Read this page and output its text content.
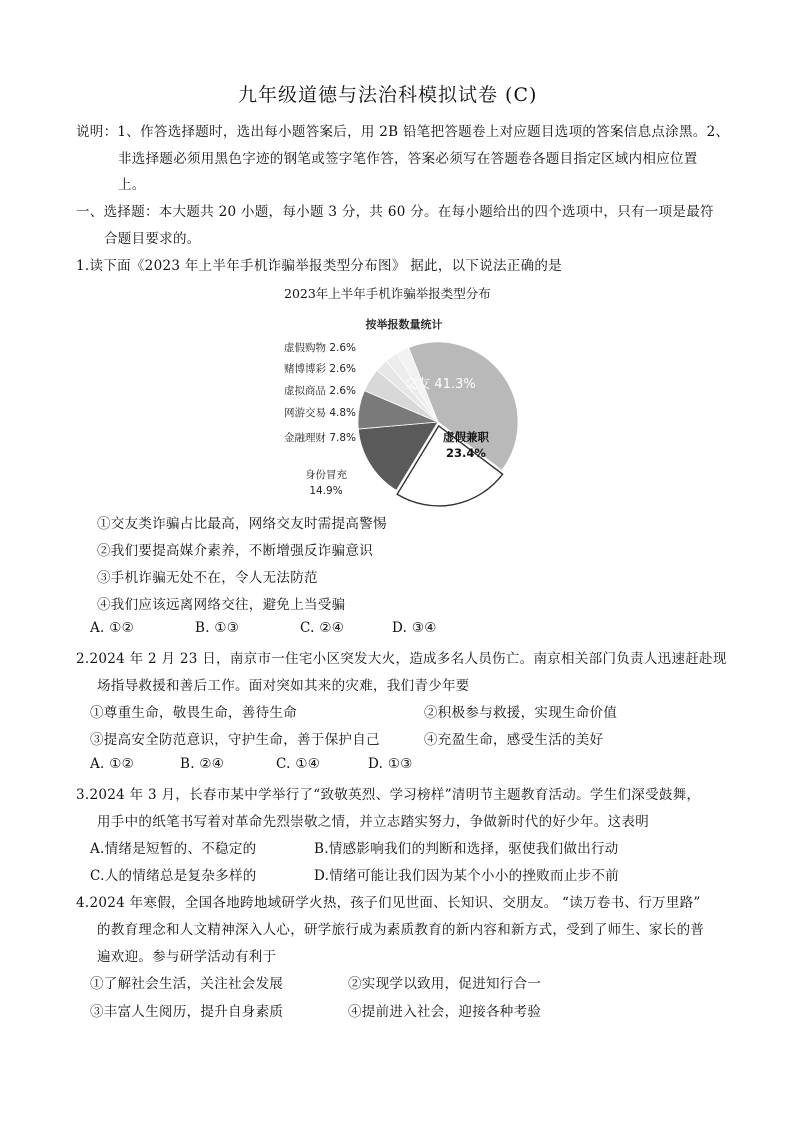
九年级道德与法治科模拟试卷 (C)
说明：1、作答选择题时，选出每小题答案后，用 2B 铅笔把答题卷上对应题目选项的答案信息点涂黑。2、
非选择题必须用黑色字迹的钢笔或签字笔作答，答案必须写在答题卷各题目指定区域内相应位置
上。
一、选择题：本大题共 20 小题，每小题 3 分，共 60 分。在每小题给出的四个选项中，只有一项是最符
合题目要求的。
1.读下面《2023 年上半年手机诈骗举报类型分布图》 据此，以下说法正确的是
2023年上半年手机诈骗举报类型分布
按举报数量统计
交友 41.3%
虚假兼职
23.4%
身份冒充
14.9%
金融理财 7.8%
网游交易 4.8%
虚拟商品 2.6%
赌博博彩 2.6%
虚假购物 2.6%
①交友类诈骗占比最高，网络交友时需提高警惕
②我们要提高媒介素养，不断增强反诈骗意识
③手机诈骗无处不在，令人无法防范
④我们应该远离网络交往，避免上当受骗
A. ①②	B. ①③	C. ②④	D. ③④
2.2024 年 2 月 23 日，南京市一住宅小区突发大火，造成多名人员伤亡。南京相关部门负责人迅速赶赴现
场指导救援和善后工作。面对突如其来的灾难，我们青少年要
①尊重生命，敬畏生命，善待生命	②积极参与救援，实现生命价值
③提高安全防范意识，守护生命，善于保护自己	④充盈生命，感受生活的美好
A. ①②	B. ②④	C. ①④	D. ①③
3.2024 年 3 月，长春市某中学举行了“致敬英烈、学习榜样”清明节主题教育活动。学生们深受鼓舞，
用手中的纸笔书写着对革命先烈崇敬之情，并立志踏实努力，争做新时代的好少年。这表明
A.情绪是短暂的、不稳定的	B.情感影响我们的判断和选择，驱使我们做出行动
C.人的情绪总是复杂多样的	D.情绪可能让我们因为某个小小的挫败而止步不前
4.2024 年寒假，全国各地跨地域研学火热，孩子们见世面、长知识、交朋友。 “读万卷书、行万里路”
的教育理念和人文精神深入人心，研学旅行成为素质教育的新内容和新方式，受到了师生、家长的普
遍欢迎。参与研学活动有利于
①了解社会生活，关注社会发展	②实现学以致用，促进知行合一
③丰富人生阅历，提升自身素质	④提前进入社会，迎接各种考验
